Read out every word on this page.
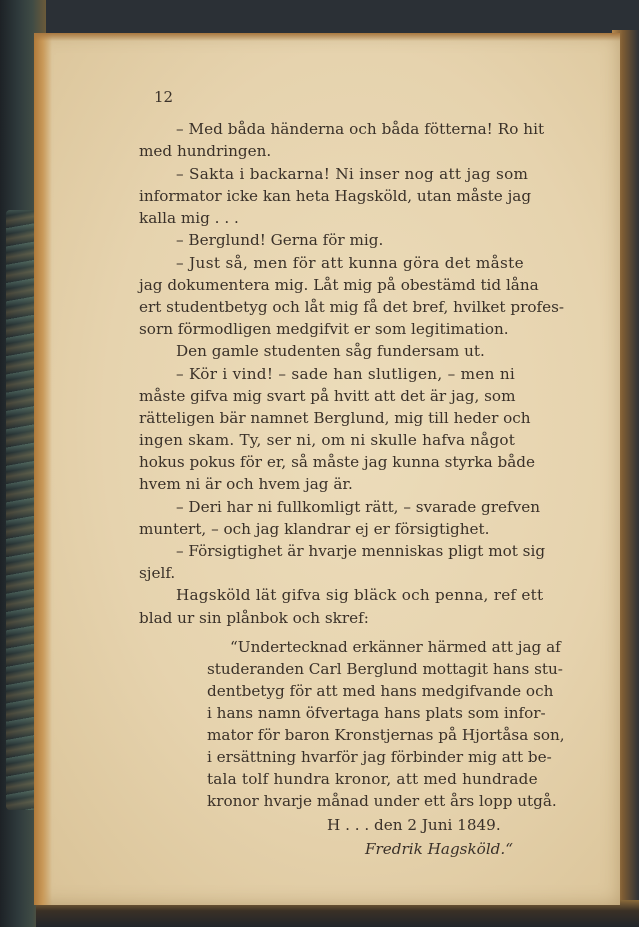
12
– Med båda händerna och båda fötterna! Ro hit
med hundringen.
– Sakta i backarna! Ni inser nog att jag som
informator icke kan heta Hagsköld, utan måste jag
kalla mig . . .
– Berglund! Gerna för mig.
– Just så, men för att kunna göra det måste
jag dokumentera mig. Låt mig på obestämd tid låna
ert studentbetyg och låt mig få det bref, hvilket profes-
sorn förmodligen medgifvit er som legitimation.
Den gamle studenten såg fundersam ut.
– Kör i vind! – sade han slutligen, – men ni
måste gifva mig svart på hvitt att det är jag, som
rätteligen bär namnet Berglund, mig till heder och
ingen skam. Ty, ser ni, om ni skulle hafva något
hokus pokus för er, så måste jag kunna styrka både
hvem ni är och hvem jag är.
– Deri har ni fullkomligt rätt, – svarade grefven
muntert, – och jag klandrar ej er försigtighet.
– Försigtighet är hvarje menniskas pligt mot sig
sjelf.
Hagsköld lät gifva sig bläck och penna, ref ett
blad ur sin plånbok och skref:
“Undertecknad erkänner härmed att jag af
studeranden Carl Berglund mottagit hans stu-
dentbetyg för att med hans medgifvande och
i hans namn öfvertaga hans plats som infor-
mator för baron Kronstjernas på Hjortåsa son,
i ersättning hvarför jag förbinder mig att be-
tala tolf hundra kronor, att med hundrade
kronor hvarje månad under ett års lopp utgå.
H . . . den 2 Juni 1849.
Fredrik Hagsköld.“
